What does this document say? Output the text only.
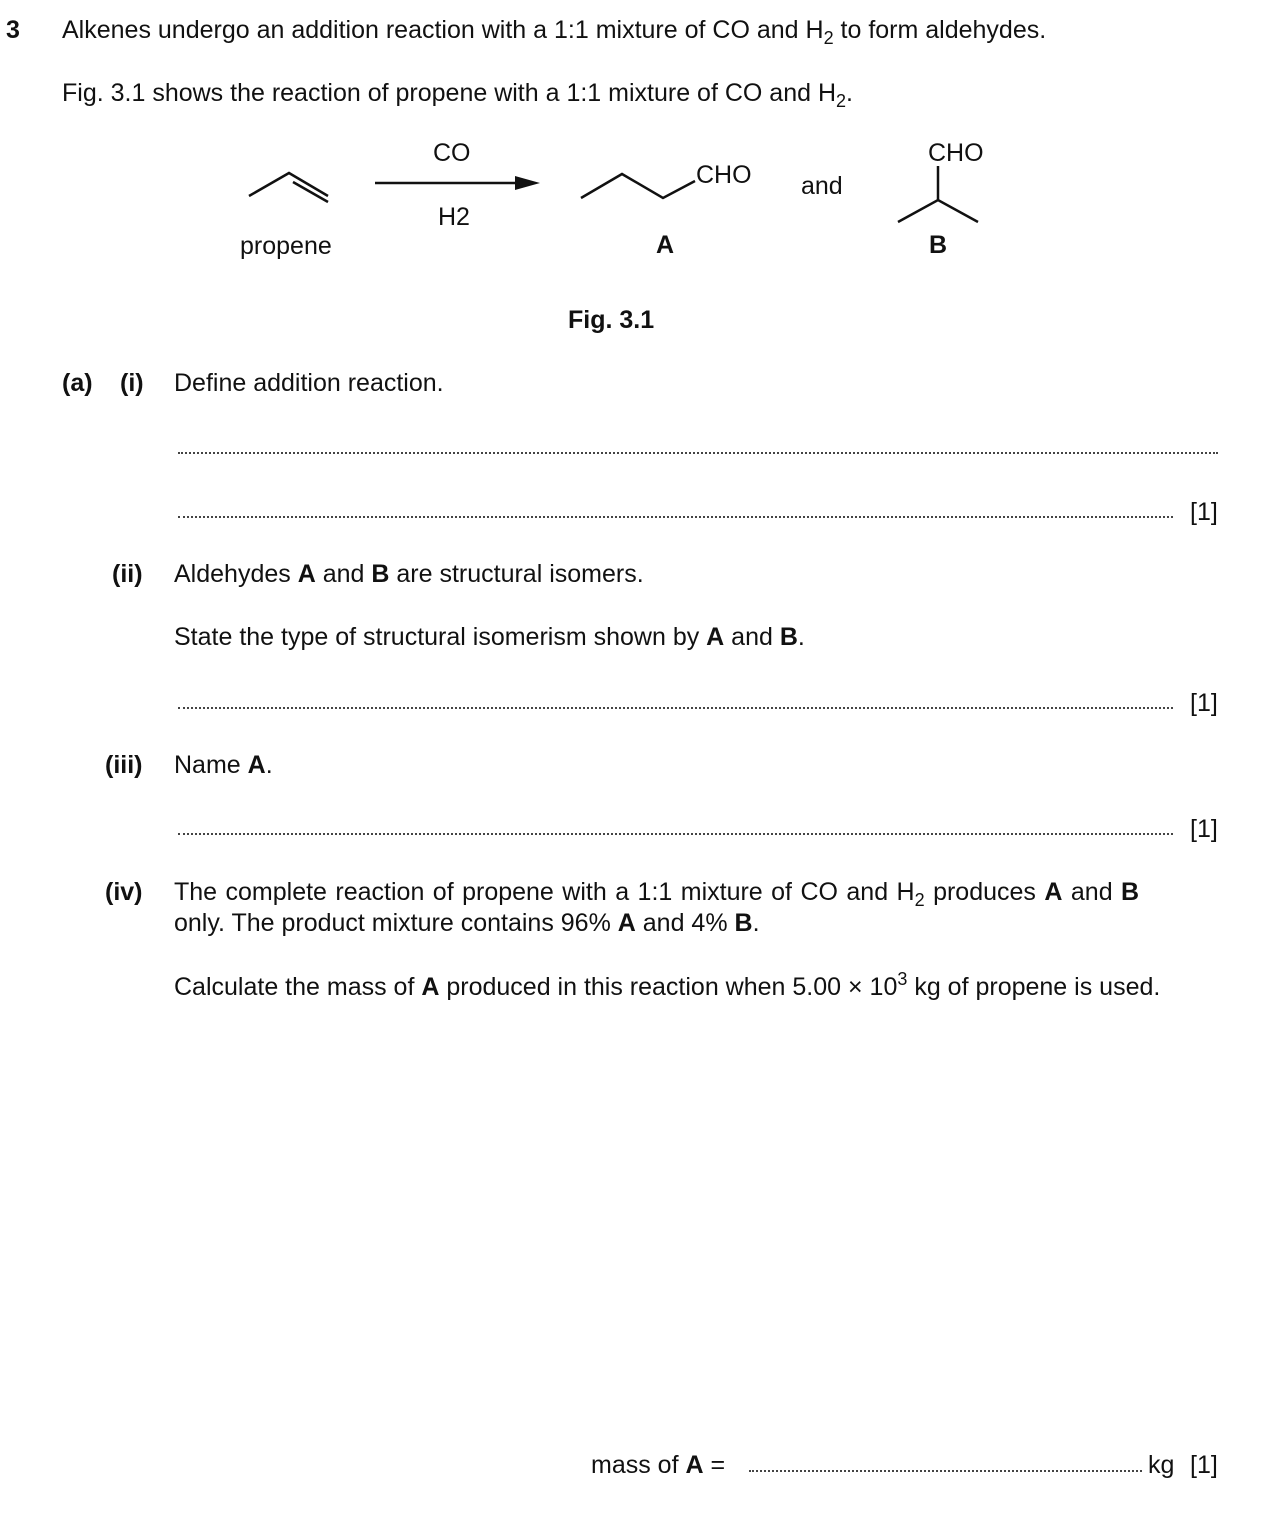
3 Alkenes undergo an addition reaction with a 1:1 mixture of CO and $H_2$ to form aldehydes.
Fig. 3.1 shows the reaction of propene with a 1:1 mixture of CO and $H_2$.
CO
H2
propene
CHO and
CHO
A	B
Fig. 3.1
(a) (i) Define addition reaction.
[1]
(ii) Aldehydes A and B are structural isomers.
State the type of structural isomerism shown by A and B.
[1]
(iii) Name A.
[1]
(iv) The complete reaction of propene with a 1:1 mixture of CO and $H_2$ produces A and B
only. The product mixture contains 96% A and 4% B.
Calculate the mass of A produced in this reaction when $5.00 \times 10^3$ kg of propene is used.
mass of A =	kg [1]
